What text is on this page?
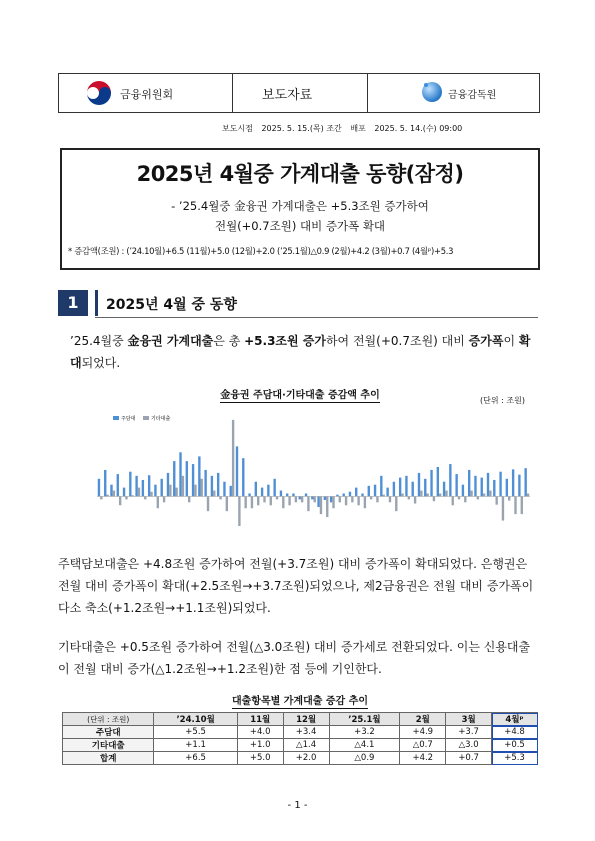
금융위원회	보도자료	금융감독원
보도시점 2025. 5. 15.(목) 조간 배포 2025. 5. 14.(수) 09:00
2025년 4월중 가계대출 동향(잠정)
- ’25.4월중 金융권 가계대출은 +5.3조원 증가하여
전월(+0.7조원) 대비 증가폭 확대
* 증감액(조원) : (’24.10월)+6.5 (11월)+5.0 (12월)+2.0 (’25.1월)△0.9 (2월)+4.2 (3월)+0.7 (4월ᵖ)+5.3
1	2025년 4월 중 동향
’25.4월중 金융권 가계대출은 총 +5.3조원 증가하여 전월(+0.7조원) 대비 증가폭이 확대되었다.
金융권 주담대·기타대출 증감액 추이	(단위 : 조원)
주담대	기타대출
주택담보대출은 +4.8조원 증가하여 전월(+3.7조원) 대비 증가폭이 확대되었다. 은행권은 전월 대비 증가폭이 확대(+2.5조원→+3.7조원)되었으나, 제2금융권은 전월 대비 증가폭이 다소 축소(+1.2조원→+1.1조원)되었다.
기타대출은 +0.5조원 증가하여 전월(△3.0조원) 대비 증가세로 전환되었다. 이는 신용대출이 전월 대비 증가(△1.2조원→+1.2조원)한 점 등에 기인한다.
대출항목별 가계대출 증감 추이
(단위 : 조원)	’24.10월	11월	12월	’25.1월	2월	3월	4월ᵖ
주담대	+5.5	+4.0	+3.4	+3.2	+4.9	+3.7	+4.8
기타대출	+1.1	+1.0	△1.4	△4.1	△0.7	△3.0	+0.5
합계	+6.5	+5.0	+2.0	△0.9	+4.2	+0.7	+5.3
- 1 -
